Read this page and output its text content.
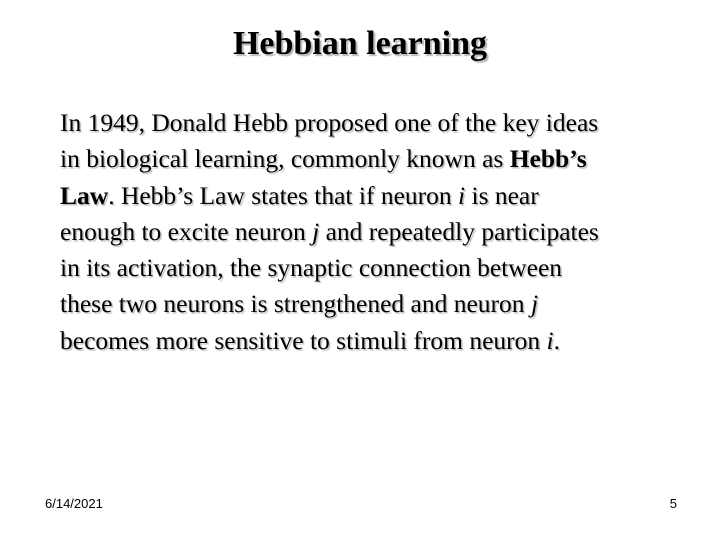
Hebbian learning
In 1949, Donald Hebb proposed one of the key ideas
in biological learning, commonly known as Hebb’s
Law. Hebb’s Law states that if neuron i is near
enough to excite neuron j and repeatedly participates
in its activation, the synaptic connection between
these two neurons is strengthened and neuron j
becomes more sensitive to stimuli from neuron i.
6/14/2021	5
